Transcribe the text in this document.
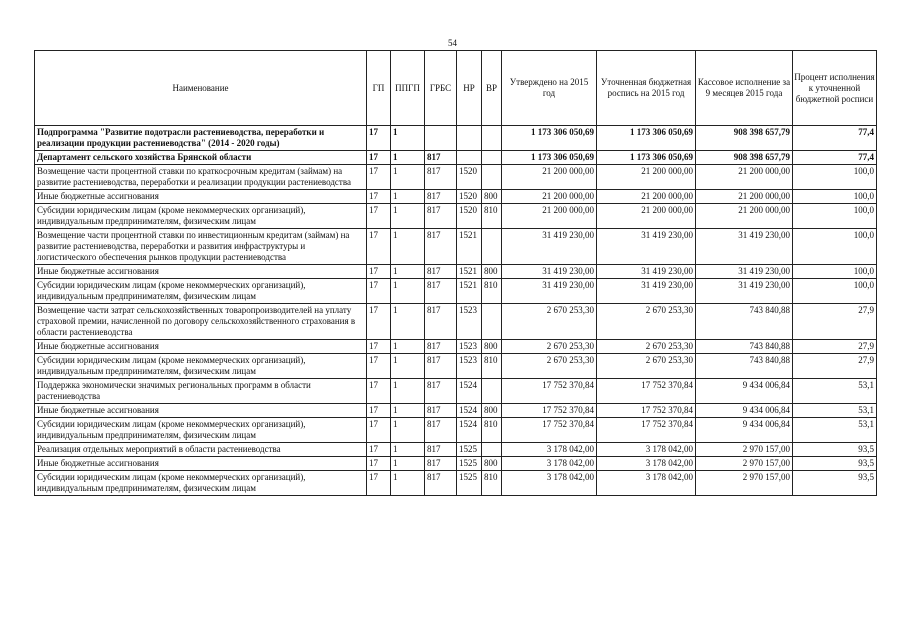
54
Наименование	ГП	ППГП	ГРБС	НР	ВР	Утверждено на 2015 год	Уточненная бюджетная роспись на 2015 год	Кассовое исполнение за 9 месяцев 2015 года	Процент исполнения к уточненной бюджетной росписи
Подпрограмма "Развитие подотрасли растениеводства, переработки и реализации продукции растениеводства" (2014 - 2020 годы)	17	1				1 173 306 050,69	1 173 306 050,69	908 398 657,79	77,4
Департамент сельского хозяйства Брянской области	17	1	817			1 173 306 050,69	1 173 306 050,69	908 398 657,79	77,4
Возмещение части процентной ставки по краткосрочным кредитам (займам) на развитие растениеводства, переработки и реализации продукции растениеводства	17	1	817	1520		21 200 000,00	21 200 000,00	21 200 000,00	100,0
Иные бюджетные ассигнования	17	1	817	1520	800	21 200 000,00	21 200 000,00	21 200 000,00	100,0
Субсидии юридическим лицам (кроме некоммерческих организаций), индивидуальным предпринимателям, физическим лицам	17	1	817	1520	810	21 200 000,00	21 200 000,00	21 200 000,00	100,0
Возмещение части процентной ставки по инвестиционным кредитам (займам) на развитие растениеводства, переработки и развития инфраструктуры и логистического обеспечения рынков продукции растениеводства	17	1	817	1521		31 419 230,00	31 419 230,00	31 419 230,00	100,0
Иные бюджетные ассигнования	17	1	817	1521	800	31 419 230,00	31 419 230,00	31 419 230,00	100,0
Субсидии юридическим лицам (кроме некоммерческих организаций), индивидуальным предпринимателям, физическим лицам	17	1	817	1521	810	31 419 230,00	31 419 230,00	31 419 230,00	100,0
Возмещение части затрат сельскохозяйственных товаропроизводителей на уплату страховой премии, начисленной по договору сельскохозяйственного страхования в области растениеводства	17	1	817	1523		2 670 253,30	2 670 253,30	743 840,88	27,9
Иные бюджетные ассигнования	17	1	817	1523	800	2 670 253,30	2 670 253,30	743 840,88	27,9
Субсидии юридическим лицам (кроме некоммерческих организаций), индивидуальным предпринимателям, физическим лицам	17	1	817	1523	810	2 670 253,30	2 670 253,30	743 840,88	27,9
Поддержка экономически значимых региональных программ в области растениеводства	17	1	817	1524		17 752 370,84	17 752 370,84	9 434 006,84	53,1
Иные бюджетные ассигнования	17	1	817	1524	800	17 752 370,84	17 752 370,84	9 434 006,84	53,1
Субсидии юридическим лицам (кроме некоммерческих организаций), индивидуальным предпринимателям, физическим лицам	17	1	817	1524	810	17 752 370,84	17 752 370,84	9 434 006,84	53,1
Реализация отдельных мероприятий в области растениеводства	17	1	817	1525		3 178 042,00	3 178 042,00	2 970 157,00	93,5
Иные бюджетные ассигнования	17	1	817	1525	800	3 178 042,00	3 178 042,00	2 970 157,00	93,5
Субсидии юридическим лицам (кроме некоммерческих организаций), индивидуальным предпринимателям, физическим лицам	17	1	817	1525	810	3 178 042,00	3 178 042,00	2 970 157,00	93,5
